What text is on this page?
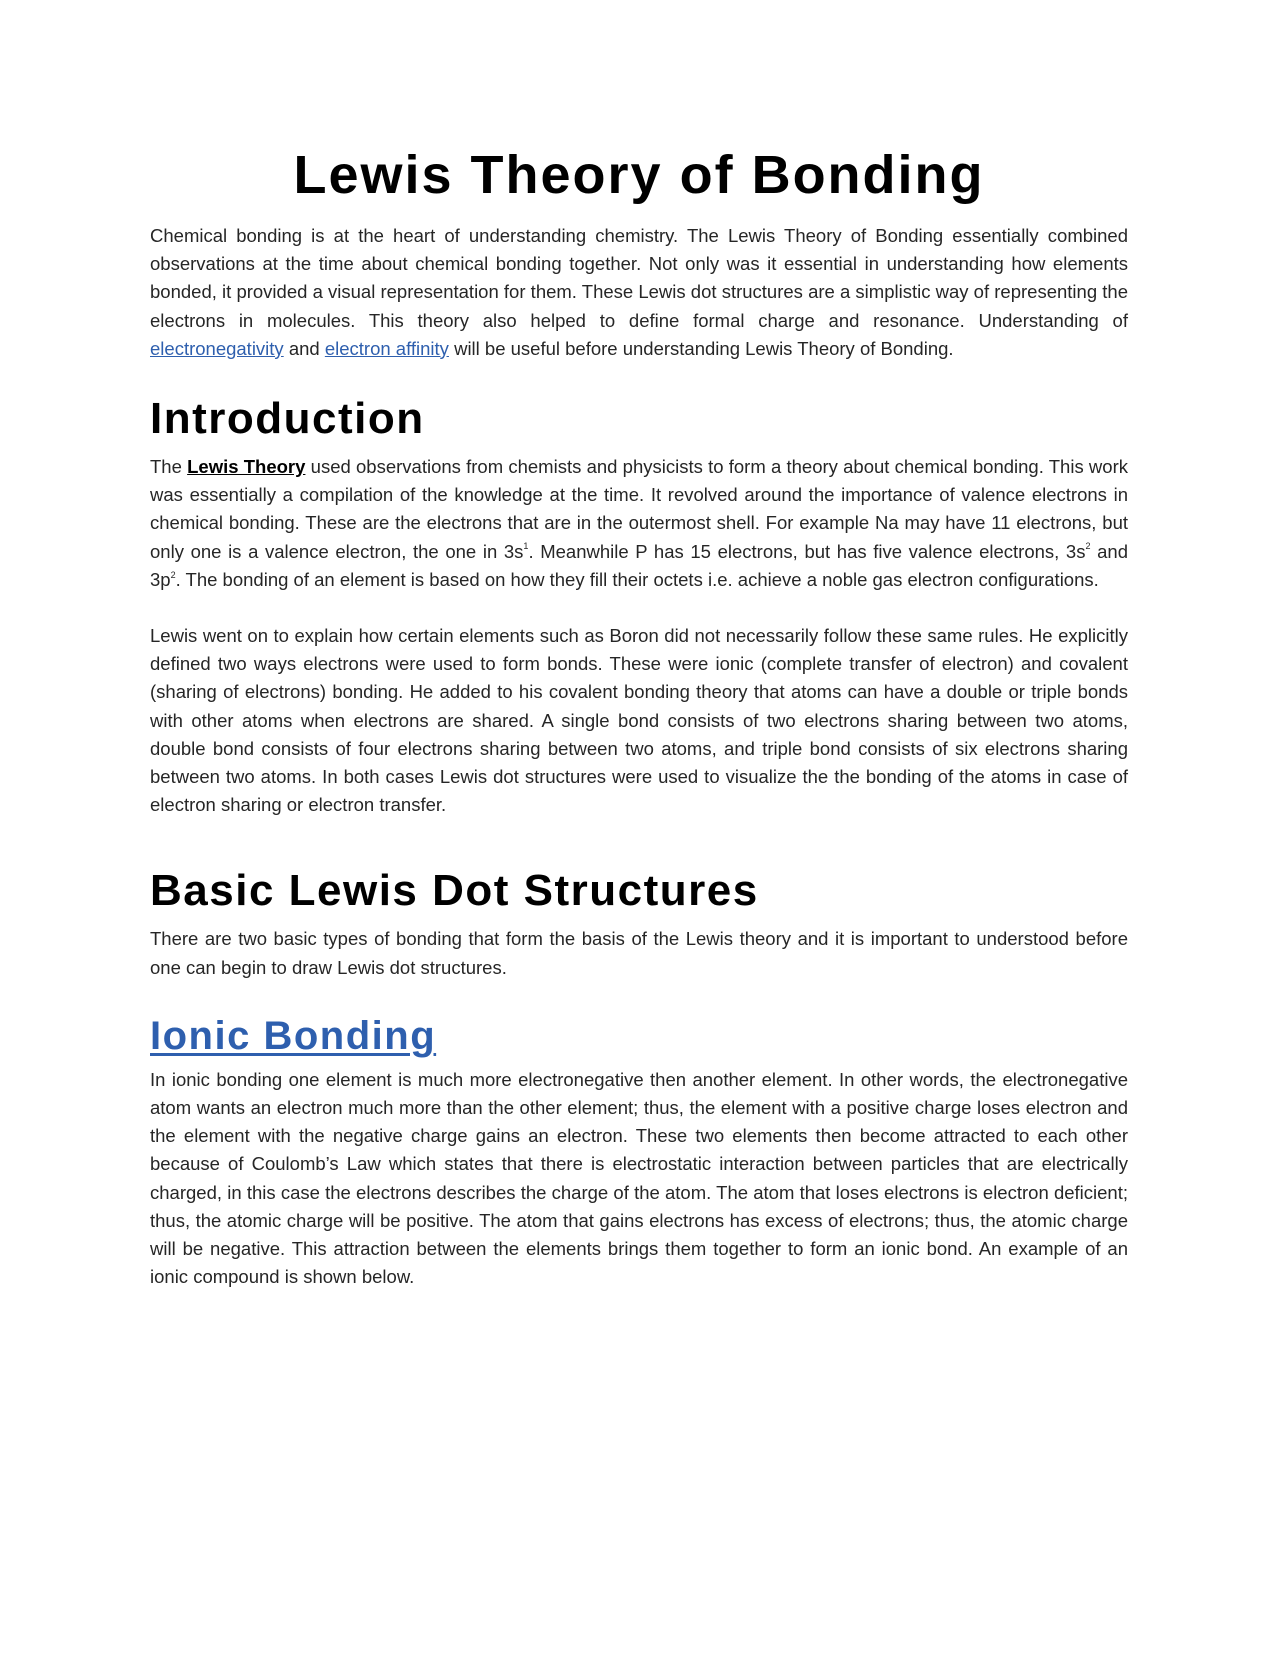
Lewis Theory of Bonding

Chemical bonding is at the heart of understanding chemistry. The Lewis Theory of Bonding essentially combined observations at the time about chemical bonding together. Not only was it essential in understanding how elements bonded, it provided a visual representation for them. These Lewis dot structures are a simplistic way of representing the electrons in molecules. This theory also helped to define formal charge and resonance. Understanding of electronegativity and electron affinity will be useful before understanding Lewis Theory of Bonding.

Introduction

The Lewis Theory used observations from chemists and physicists to form a theory about chemical bonding. This work was essentially a compilation of the knowledge at the time. It revolved around the importance of valence electrons in chemical bonding. These are the electrons that are in the outermost shell. For example Na may have 11 electrons, but only one is a valence electron, the one in $3s^1$. Meanwhile P has 15 electrons, but has five valence electrons, $3s^2$ and $3p^2$. The bonding of an element is based on how they fill their octets i.e. achieve a noble gas electron configurations.

Lewis went on to explain how certain elements such as Boron did not necessarily follow these same rules. He explicitly defined two ways electrons were used to form bonds. These were ionic (complete transfer of electron) and covalent (sharing of electrons) bonding. He added to his covalent bonding theory that atoms can have a double or triple bonds with other atoms when electrons are shared. A single bond consists of two electrons sharing between two atoms, double bond consists of four electrons sharing between two atoms, and triple bond consists of six electrons sharing between two atoms. In both cases Lewis dot structures were used to visualize the the bonding of the atoms in case of electron sharing or electron transfer.

Basic Lewis Dot Structures

There are two basic types of bonding that form the basis of the Lewis theory and it is important to understood before one can begin to draw Lewis dot structures.

Ionic Bonding

In ionic bonding one element is much more electronegative then another element. In other words, the electronegative atom wants an electron much more than the other element; thus, the element with a positive charge loses electron and the element with the negative charge gains an electron. These two elements then become attracted to each other because of Coulomb’s Law which states that there is electrostatic interaction between particles that are electrically charged, in this case the electrons describes the charge of the atom. The atom that loses electrons is electron deficient; thus, the atomic charge will be positive. The atom that gains electrons has excess of electrons; thus, the atomic charge will be negative. This attraction between the elements brings them together to form an ionic bond. An example of an ionic compound is shown below.
